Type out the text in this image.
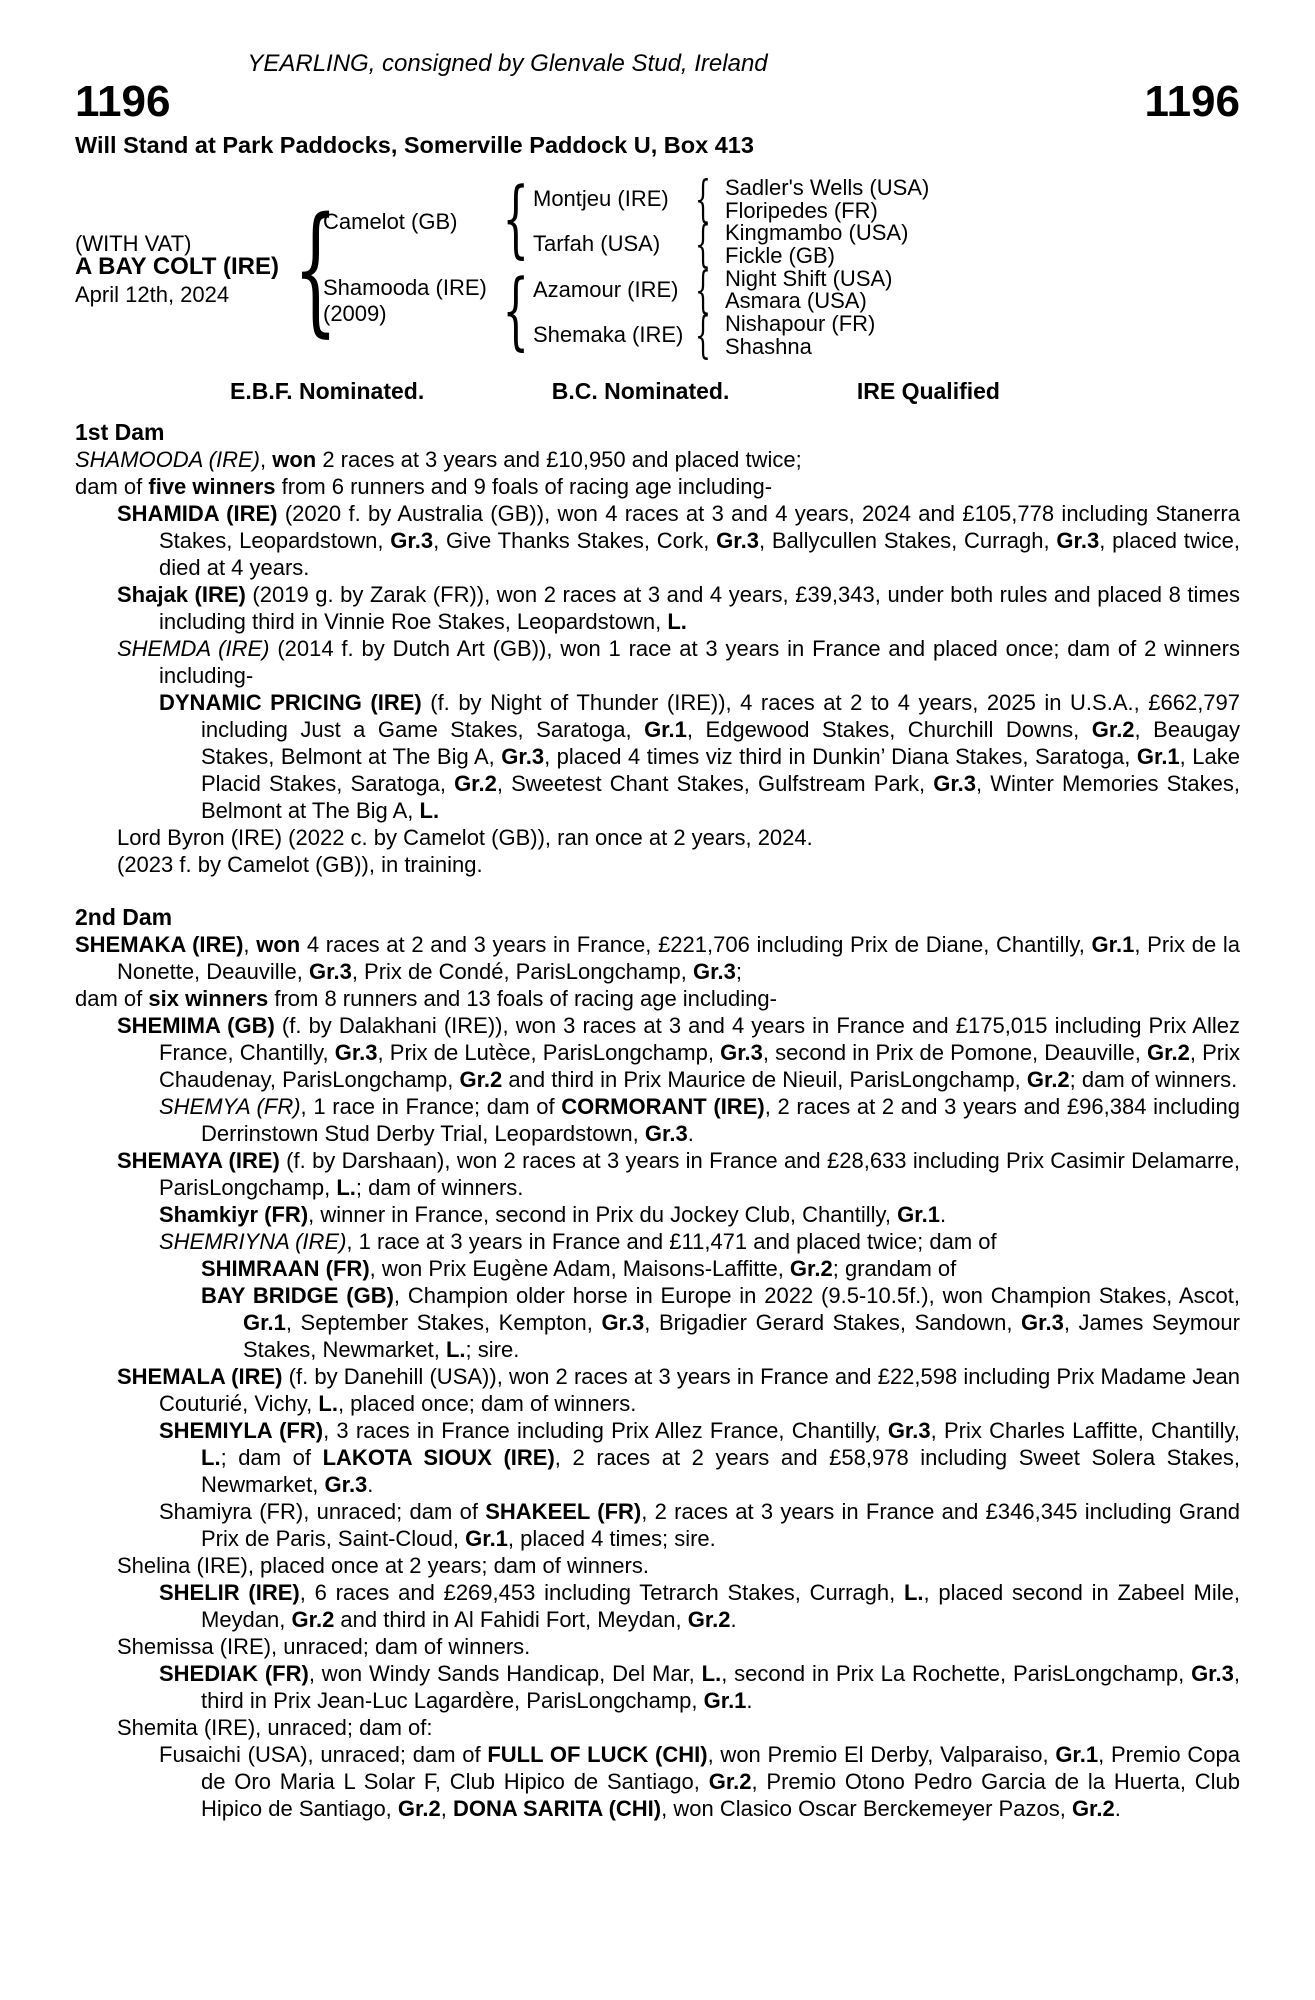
YEARLING, consigned by Glenvale Stud, Ireland
1196	1196
Will Stand at Park Paddocks, Somerville Paddock U, Box 413
(WITH VAT)
A BAY COLT (IRE)
April 12th, 2024 {
Camelot (GB)
Shamooda (IRE)
(2009)
{
{
Montjeu (IRE)
Tarfah (USA)
Azamour (IRE)
Shemaka (IRE)
{
{
{
{
Sadler's Wells (USA)
Floripedes (FR)
Kingmambo (USA)
Fickle (GB)
Night Shift (USA)
Asmara (USA)
Nishapour (FR)
Shashna
E.B.F. Nominated.	B.C. Nominated.	IRE Qualified
1st Dam

SHAMOODA (IRE), won 2 races at 3 years and £10,950 and placed twice;

dam of five winners from 6 runners and 9 foals of racing age including-

SHAMIDA (IRE) (2020 f. by Australia (GB)), won 4 races at 3 and 4 years, 2024 and £105,778 including Stanerra Stakes, Leopardstown, Gr.3, Give Thanks Stakes, Cork, Gr.3, Ballycullen Stakes, Curragh, Gr.3, placed twice, died at 4 years.

Shajak (IRE) (2019 g. by Zarak (FR)), won 2 races at 3 and 4 years, £39,343, under both rules and placed 8 times including third in Vinnie Roe Stakes, Leopardstown, L.

SHEMDA (IRE) (2014 f. by Dutch Art (GB)), won 1 race at 3 years in France and placed once; dam of 2 winners including-

DYNAMIC PRICING (IRE) (f. by Night of Thunder (IRE)), 4 races at 2 to 4 years, 2025 in U.S.A., £662,797 including Just a Game Stakes, Saratoga, Gr.1, Edgewood Stakes, Churchill Downs, Gr.2, Beaugay Stakes, Belmont at The Big A, Gr.3, placed 4 times viz third in Dunkin’ Diana Stakes, Saratoga, Gr.1, Lake Placid Stakes, Saratoga, Gr.2, Sweetest Chant Stakes, Gulfstream Park, Gr.3, Winter Memories Stakes, Belmont at The Big A, L.

Lord Byron (IRE) (2022 c. by Camelot (GB)), ran once at 2 years, 2024.

(2023 f. by Camelot (GB)), in training.

2nd Dam

SHEMAKA (IRE), won 4 races at 2 and 3 years in France, £221,706 including Prix de Diane, Chantilly, Gr.1, Prix de la Nonette, Deauville, Gr.3, Prix de Condé, ParisLongchamp, Gr.3;

dam of six winners from 8 runners and 13 foals of racing age including-

SHEMIMA (GB) (f. by Dalakhani (IRE)), won 3 races at 3 and 4 years in France and £175,015 including Prix Allez France, Chantilly, Gr.3, Prix de Lutèce, ParisLongchamp, Gr.3, second in Prix de Pomone, Deauville, Gr.2, Prix Chaudenay, ParisLongchamp, Gr.2 and third in Prix Maurice de Nieuil, ParisLongchamp, Gr.2; dam of winners.

SHEMYA (FR), 1 race in France; dam of CORMORANT (IRE), 2 races at 2 and 3 years and £96,384 including Derrinstown Stud Derby Trial, Leopardstown, Gr.3.

SHEMAYA (IRE) (f. by Darshaan), won 2 races at 3 years in France and £28,633 including Prix Casimir Delamarre, ParisLongchamp, L.; dam of winners.

Shamkiyr (FR), winner in France, second in Prix du Jockey Club, Chantilly, Gr.1.

SHEMRIYNA (IRE), 1 race at 3 years in France and £11,471 and placed twice; dam of

SHIMRAAN (FR), won Prix Eugène Adam, Maisons-Laffitte, Gr.2; grandam of

BAY BRIDGE (GB), Champion older horse in Europe in 2022 (9.5-10.5f.), won Champion Stakes, Ascot, Gr.1, September Stakes, Kempton, Gr.3, Brigadier Gerard Stakes, Sandown, Gr.3, James Seymour Stakes, Newmarket, L.; sire.

SHEMALA (IRE) (f. by Danehill (USA)), won 2 races at 3 years in France and £22,598 including Prix Madame Jean Couturié, Vichy, L., placed once; dam of winners.

SHEMIYLA (FR), 3 races in France including Prix Allez France, Chantilly, Gr.3, Prix Charles Laffitte, Chantilly, L.; dam of LAKOTA SIOUX (IRE), 2 races at 2 years and £58,978 including Sweet Solera Stakes, Newmarket, Gr.3.

Shamiyra (FR), unraced; dam of SHAKEEL (FR), 2 races at 3 years in France and £346,345 including Grand Prix de Paris, Saint-Cloud, Gr.1, placed 4 times; sire.

Shelina (IRE), placed once at 2 years; dam of winners.

SHELIR (IRE), 6 races and £269,453 including Tetrarch Stakes, Curragh, L., placed second in Zabeel Mile, Meydan, Gr.2 and third in Al Fahidi Fort, Meydan, Gr.2.

Shemissa (IRE), unraced; dam of winners.

SHEDIAK (FR), won Windy Sands Handicap, Del Mar, L., second in Prix La Rochette, ParisLongchamp, Gr.3, third in Prix Jean-Luc Lagardère, ParisLongchamp, Gr.1.

Shemita (IRE), unraced; dam of:

Fusaichi (USA), unraced; dam of FULL OF LUCK (CHI), won Premio El Derby, Valparaiso, Gr.1, Premio Copa de Oro Maria L Solar F, Club Hipico de Santiago, Gr.2, Premio Otono Pedro Garcia de la Huerta, Club Hipico de Santiago, Gr.2, DONA SARITA (CHI), won Clasico Oscar Berckemeyer Pazos, Gr.2.
